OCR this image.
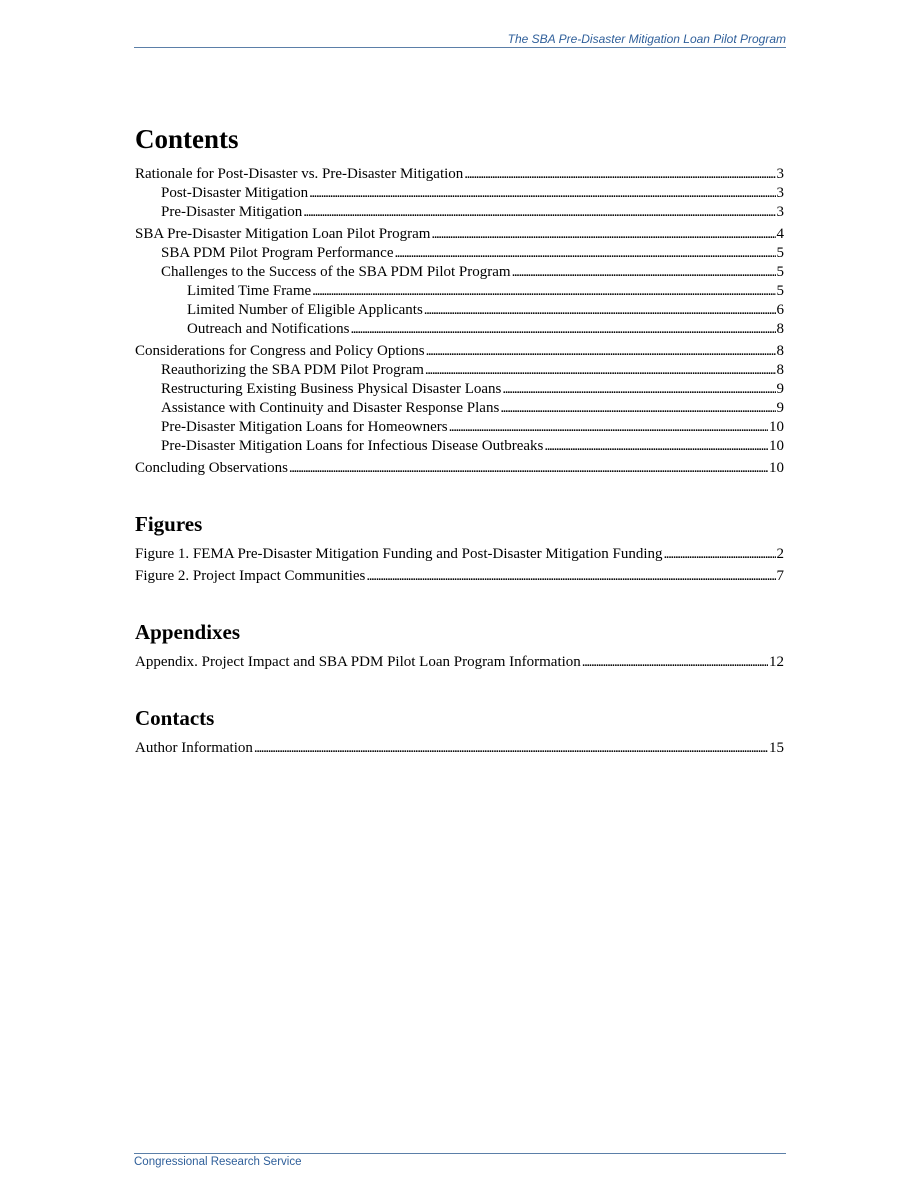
The SBA Pre-Disaster Mitigation Loan Pilot Program
Contents
Rationale for Post-Disaster vs. Pre-Disaster Mitigation . . .	3
Post-Disaster Mitigation . . .	3
Pre-Disaster Mitigation . . .	3
SBA Pre-Disaster Mitigation Loan Pilot Program . . .	4
SBA PDM Pilot Program Performance . . .	5
Challenges to the Success of the SBA PDM Pilot Program . . .	5
Limited Time Frame . . .	5
Limited Number of Eligible Applicants . . .	6
Outreach and Notifications . . .	8
Considerations for Congress and Policy Options . . .	8
Reauthorizing the SBA PDM Pilot Program . . .	8
Restructuring Existing Business Physical Disaster Loans . . .	9
Assistance with Continuity and Disaster Response Plans . . .	9
Pre-Disaster Mitigation Loans for Homeowners . . .	10
Pre-Disaster Mitigation Loans for Infectious Disease Outbreaks . . .	10
Concluding Observations . . .	10
Figures
Figure 1. FEMA Pre-Disaster Mitigation Funding and Post-Disaster Mitigation Funding . . .	2
Figure 2. Project Impact Communities . . .	7
Appendixes
Appendix. Project Impact and SBA PDM Pilot Loan Program Information . . .	12
Contacts
Author Information . . .	15
Congressional Research Service
